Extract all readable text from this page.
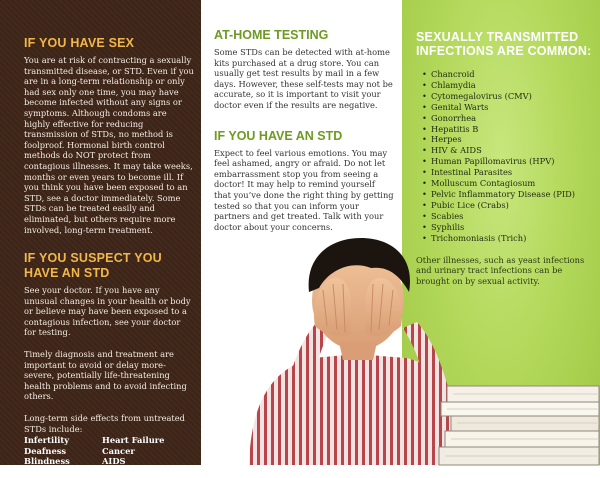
IF YOU HAVE SEX

You are at risk of contracting a sexually transmitted disease, or STD. Even if you are in a long-term relationship or only had sex only one time, you may have become infected without any signs or symptoms. Although condoms are highly effective for reducing transmission of STDs, no method is foolproof. Hormonal birth control methods do NOT protect from contagious illnesses. It may take weeks, months or even years to become ill. If you think you have been exposed to an STD, see a doctor immediately. Some STDs can be treated easily and eliminated, but others require more involved, long-term treatment.

IF YOU SUSPECT YOU HAVE AN STD

See your doctor. If you have any unusual changes in your health or body or believe may have been exposed to a contagious infection, see your doctor for testing.

Timely diagnosis and treatment are important to avoid or delay more-severe, potentially life-threatening health problems and to avoid infecting others.

Long-term side effects from untreated STDs include:

Infertility	Heart Failure
Deafness	Cancer
Blindness	AIDS
Mental Illness
AT-HOME TESTING

Some STDs can be detected with at-home kits purchased at a drug store. You can usually get test results by mail in a few days. However, these self-tests may not be accurate, so it is important to visit your doctor even if the results are negative.

IF YOU HAVE AN STD

Expect to feel various emotions. You may feel ashamed, angry or afraid. Do not let embarrassment stop you from seeing a doctor! It may help to remind yourself that you’ve done the right thing by getting tested so that you can inform your partners and get treated. Talk with your doctor about your concerns.

SEXUALLY TRANSMITTED INFECTIONS ARE COMMON:
• Chancroid
• Chlamydia
• Cytomegalovirus (CMV)
• Genital Warts
• Gonorrhea
• Hepatitis B
• Herpes
• HIV & AIDS
• Human Papillomavirus (HPV)
• Intestinal Parasites
• Molluscum Contagiosum
• Pelvic Inflammatory Disease (PID)
• Pubic Lice (Crabs)
• Scabies
• Syphilis
• Trichomoniasis (Trich)

Other illnesses, such as yeast infections and urinary tract infections can be brought on by sexual activity.
